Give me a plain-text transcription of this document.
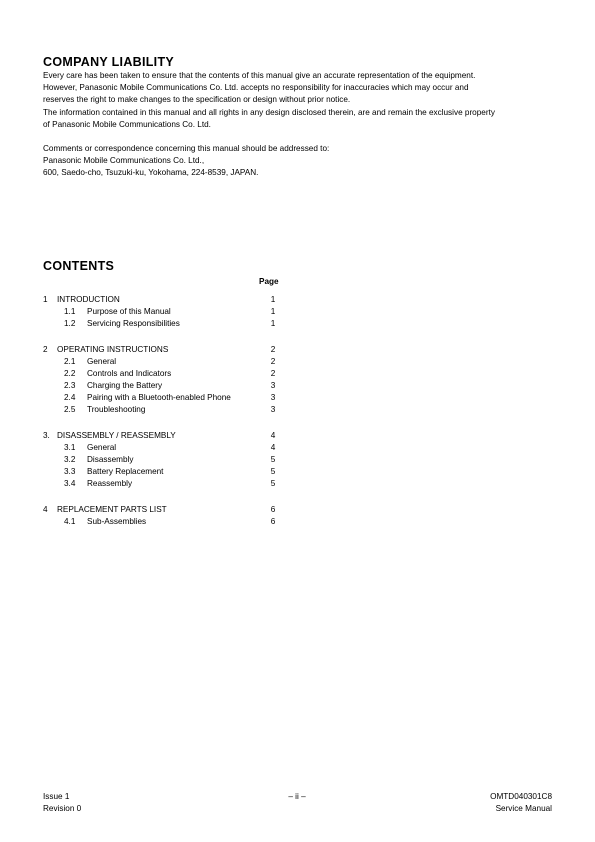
COMPANY LIABILITY

Every care has been taken to ensure that the contents of this manual give an accurate representation of the equipment.

However, Panasonic Mobile Communications Co. Ltd. accepts no responsibility for inaccuracies which may occur and

reserves the right to make changes to the specification or design without prior notice.

The information contained in this manual and all rights in any design disclosed therein, are and remain the exclusive property

of Panasonic Mobile Communications Co. Ltd.

Comments or correspondence concerning this manual should be addressed to:

Panasonic Mobile Communications Co. Ltd.,

600, Saedo-cho, Tsuzuki-ku, Yokohama, 224-8539, JAPAN.

CONTENTS
Page
1 INTRODUCTION	1
1.1 Purpose of this Manual	1
1.2 Servicing Responsibilities	1
2 OPERATING INSTRUCTIONS	2
2.1 General	2
2.2 Controls and Indicators	2
2.3 Charging the Battery	3
2.4 Pairing with a Bluetooth-enabled Phone	3
2.5 Troubleshooting	3
3. DISASSEMBLY / REASSEMBLY	4
3.1 General	4
3.2 Disassembly	5
3.3 Battery Replacement	5
3.4 Reassembly	5
4 REPLACEMENT PARTS LIST	6
4.1 Sub-Assemblies	6
Issue 1
Revision 0
– ii –	OMTD040301C8
Service Manual
